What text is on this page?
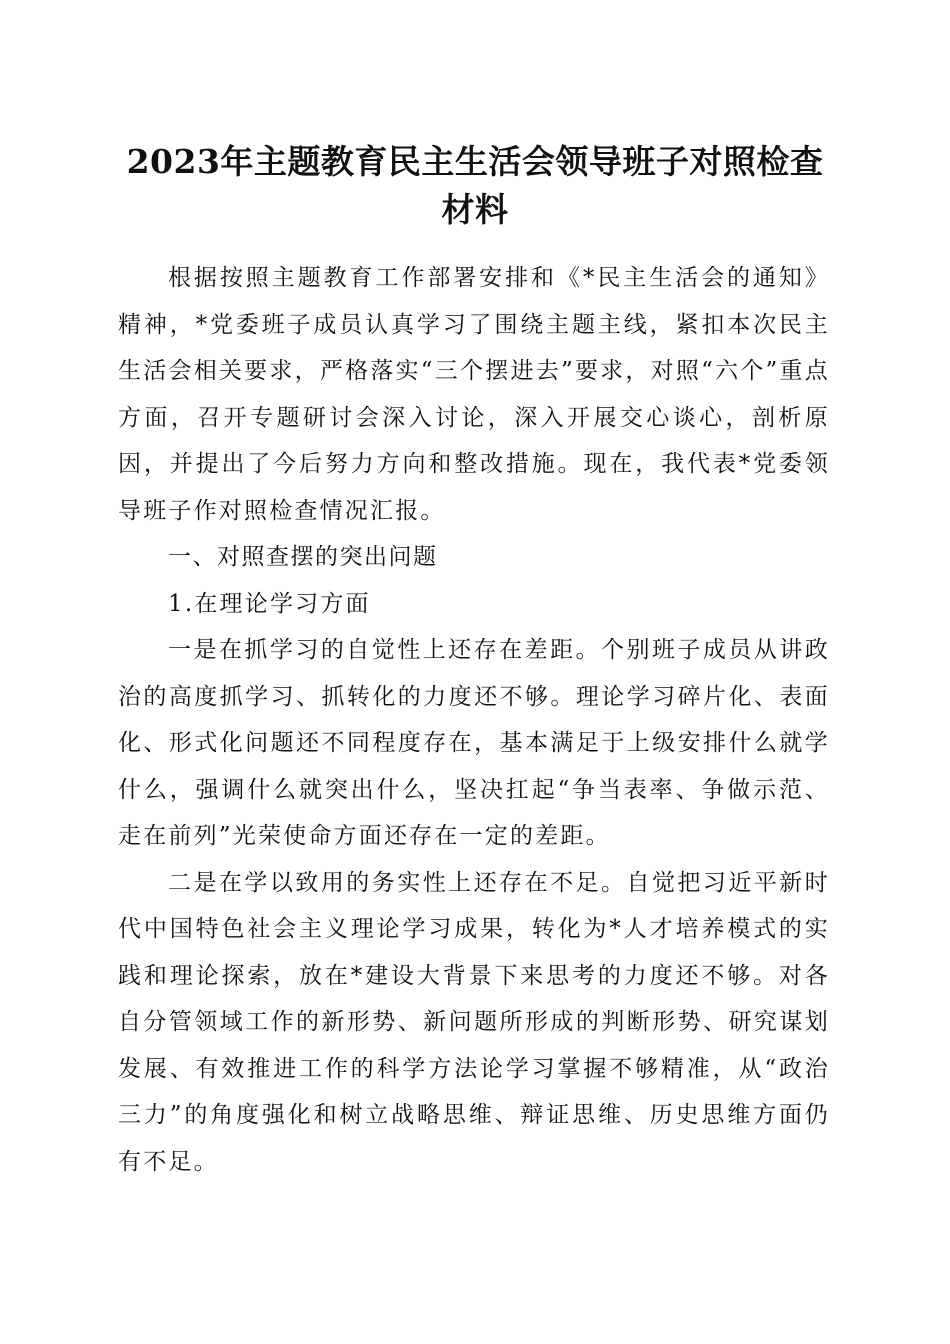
2023年主题教育民主生活会领导班子对照检查材料

根据按照主题教育工作部署安排和《*民主生活会的通知》精神，*党委班子成员认真学习了围绕主题主线，紧扣本次民主生活会相关要求，严格落实“三个摆进去”要求，对照“六个”重点方面，召开专题研讨会深入讨论，深入开展交心谈心，剖析原因，并提出了今后努力方向和整改措施。现在，我代表*党委领导班子作对照检查情况汇报。

一、对照查摆的突出问题

1.在理论学习方面

一是在抓学习的自觉性上还存在差距。个别班子成员从讲政治的高度抓学习、抓转化的力度还不够。理论学习碎片化、表面化、形式化问题还不同程度存在，基本满足于上级安排什么就学什么，强调什么就突出什么，坚决扛起“争当表率、争做示范、走在前列”光荣使命方面还存在一定的差距。

二是在学以致用的务实性上还存在不足。自觉把习近平新时代中国特色社会主义理论学习成果，转化为*人才培养模式的实践和理论探索，放在*建设大背景下来思考的力度还不够。对各自分管领域工作的新形势、新问题所形成的判断形势、研究谋划发展、有效推进工作的科学方法论学习掌握不够精准，从“政治三力”的角度强化和树立战略思维、辩证思维、历史思维方面仍有不足。
